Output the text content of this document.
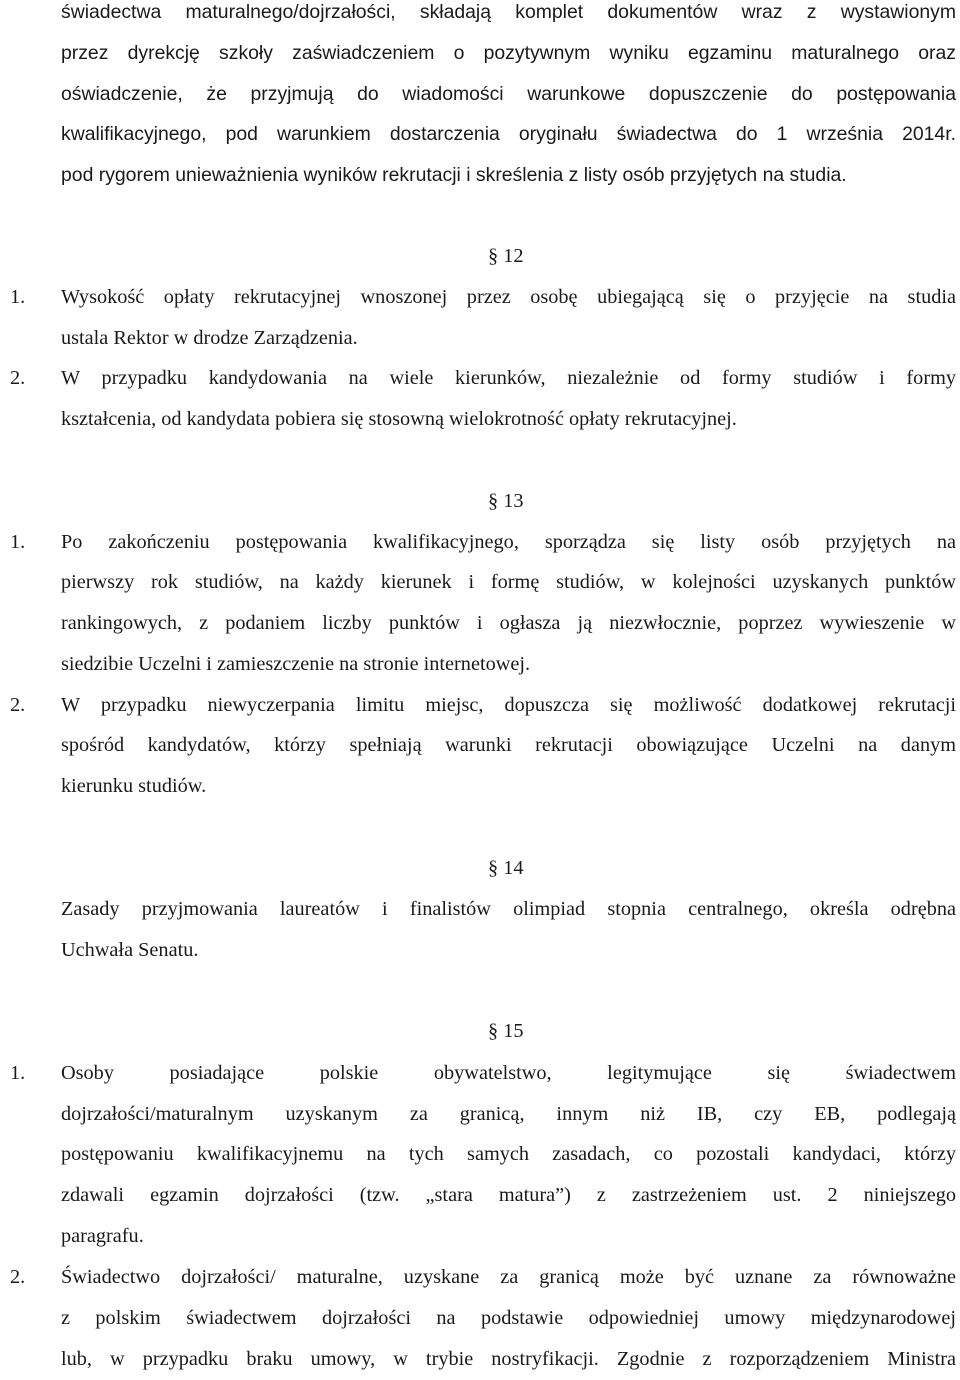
świadectwa maturalnego/dojrzałości, składają komplet dokumentów wraz z wystawionym
przez dyrekcję szkoły zaświadczeniem o pozytywnym wyniku egzaminu maturalnego oraz
oświadczenie, że przyjmują do wiadomości warunkowe dopuszczenie do postępowania
kwalifikacyjnego, pod warunkiem dostarczenia oryginału świadectwa do 1 września 2014r.
pod rygorem unieważnienia wyników rekrutacji i skreślenia z listy osób przyjętych na studia.
§ 12
1.	Wysokość opłaty rekrutacyjnej wnoszonej przez osobę ubiegającą się o przyjęcie na studia
ustala Rektor w drodze Zarządzenia.
2.	W przypadku kandydowania na wiele kierunków, niezależnie od formy studiów i formy
kształcenia, od kandydata pobiera się stosowną wielokrotność opłaty rekrutacyjnej.
§ 13
1.	Po zakończeniu postępowania kwalifikacyjnego, sporządza się listy osób przyjętych na
pierwszy rok studiów, na każdy kierunek i formę studiów, w kolejności uzyskanych punktów
rankingowych, z podaniem liczby punktów i ogłasza ją niezwłocznie, poprzez wywieszenie w
siedzibie Uczelni i zamieszczenie na stronie internetowej.
2.	W przypadku niewyczerpania limitu miejsc, dopuszcza się możliwość dodatkowej rekrutacji
spośród kandydatów, którzy spełniają warunki rekrutacji obowiązujące Uczelni na danym
kierunku studiów.
§ 14
Zasady przyjmowania laureatów i finalistów olimpiad stopnia centralnego, określa odrębna
Uchwała Senatu.
§ 15
1.	Osoby posiadające polskie obywatelstwo, legitymujące się świadectwem
dojrzałości/maturalnym uzyskanym za granicą, innym niż IB, czy EB, podlegają
postępowaniu kwalifikacyjnemu na tych samych zasadach, co pozostali kandydaci, którzy
zdawali egzamin dojrzałości (tzw. „stara matura”) z zastrzeżeniem ust. 2 niniejszego
paragrafu.
2.	Świadectwo dojrzałości/ maturalne, uzyskane za granicą może być uznane za równoważne
z polskim świadectwem dojrzałości na podstawie odpowiedniej umowy międzynarodowej
lub, w przypadku braku umowy, w trybie nostryfikacji. Zgodnie z rozporządzeniem Ministra
